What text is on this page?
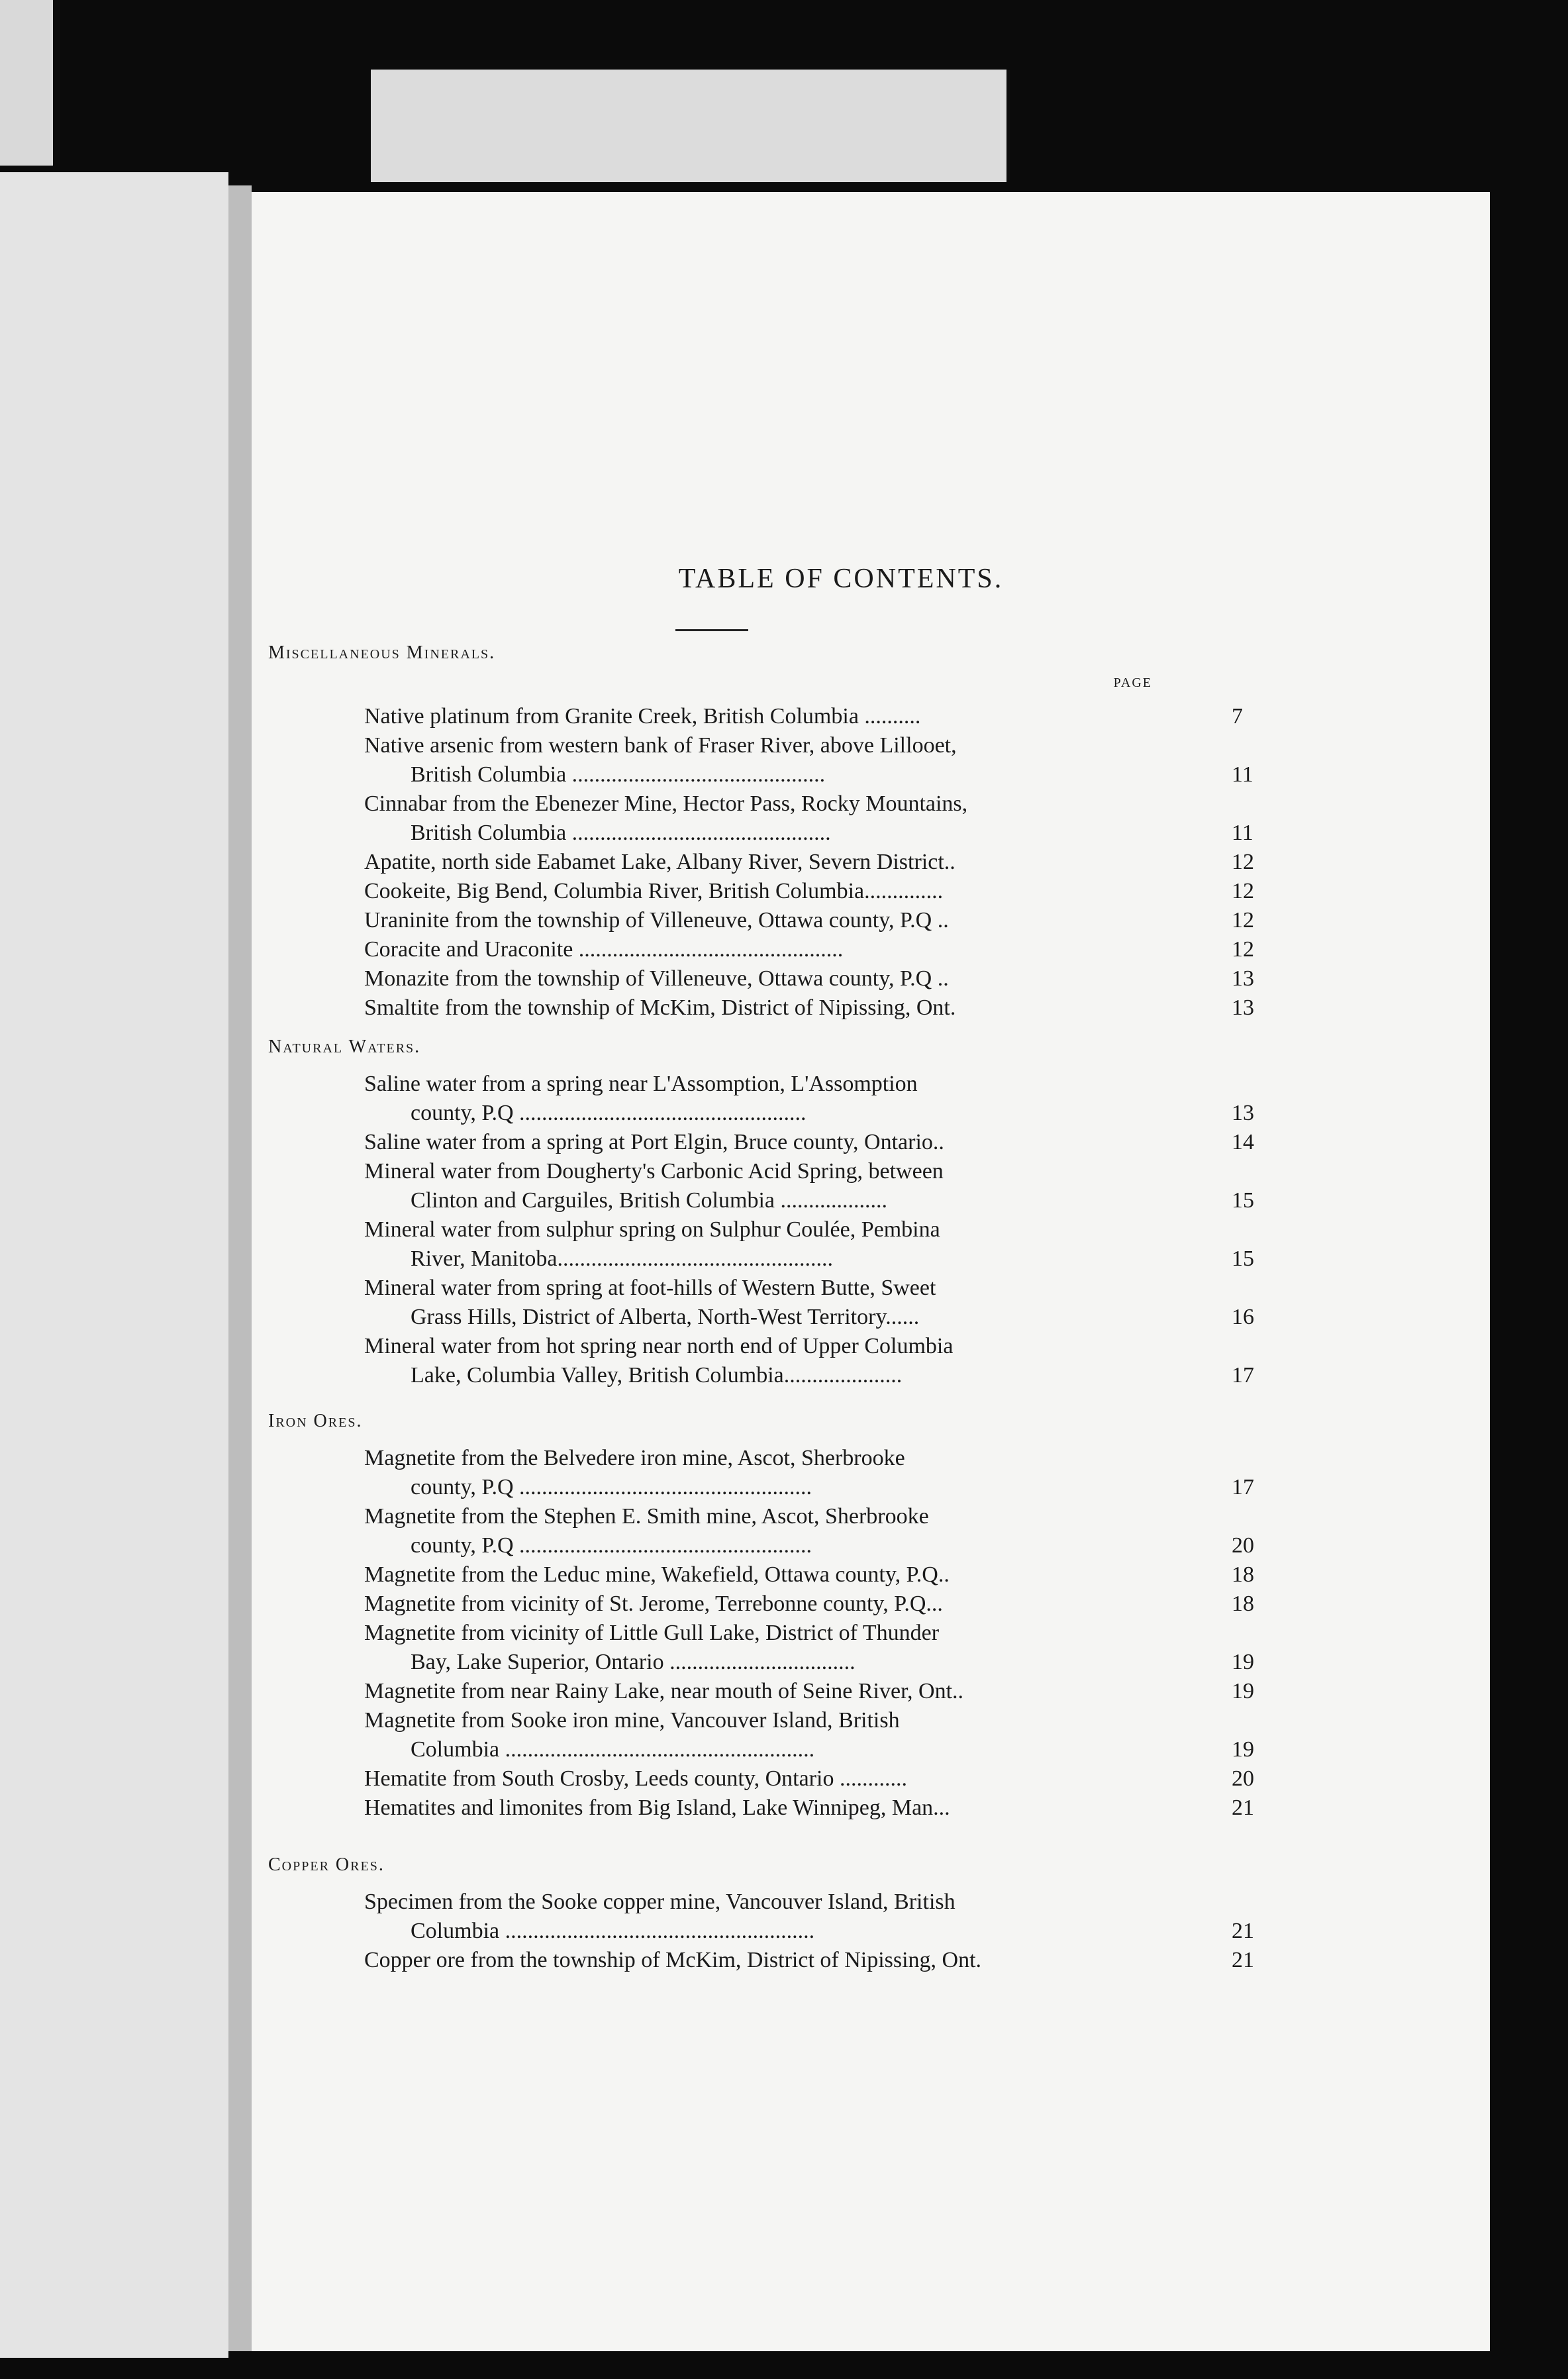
TABLE OF CONTENTS.
PAGE
Miscellaneous Minerals.
Native platinum from Granite Creek, British Columbia ..........	7
Native arsenic from western bank of Fraser River, above Lillooet,
British Columbia .............................................	11
Cinnabar from the Ebenezer Mine, Hector Pass, Rocky Mountains,
British Columbia ..............................................	11
Apatite, north side Eabamet Lake, Albany River, Severn District..	12
Cookeite, Big Bend, Columbia River, British Columbia..............	12
Uraninite from the township of Villeneuve, Ottawa county, P.Q ..	12
Coracite and Uraconite ...............................................	12
Monazite from the township of Villeneuve, Ottawa county, P.Q ..	13
Smaltite from the township of McKim, District of Nipissing, Ont.	13
Natural Waters.
Saline water from a spring near L'Assomption, L'Assomption
county, P.Q ...................................................	13
Saline water from a spring at Port Elgin, Bruce county, Ontario..	14
Mineral water from Dougherty's Carbonic Acid Spring, between
Clinton and Carguiles, British Columbia ...................	15
Mineral water from sulphur spring on Sulphur Coulée, Pembina
River, Manitoba.................................................	15
Mineral water from spring at foot-hills of Western Butte, Sweet
Grass Hills, District of Alberta, North-West Territory......	16
Mineral water from hot spring near north end of Upper Columbia
Lake, Columbia Valley, British Columbia.....................	17
Iron Ores.
Magnetite from the Belvedere iron mine, Ascot, Sherbrooke
county, P.Q ....................................................	17
Magnetite from the Stephen E. Smith mine, Ascot, Sherbrooke
county, P.Q ....................................................	20
Magnetite from the Leduc mine, Wakefield, Ottawa county, P.Q..	18
Magnetite from vicinity of St. Jerome, Terrebonne county, P.Q...	18
Magnetite from vicinity of Little Gull Lake, District of Thunder
Bay, Lake Superior, Ontario .................................	19
Magnetite from near Rainy Lake, near mouth of Seine River, Ont..	19
Magnetite from Sooke iron mine, Vancouver Island, British
Columbia .......................................................	19
Hematite from South Crosby, Leeds county, Ontario ............	20
Hematites and limonites from Big Island, Lake Winnipeg, Man...	21
Copper Ores.
Specimen from the Sooke copper mine, Vancouver Island, British
Columbia .......................................................	21
Copper ore from the township of McKim, District of Nipissing, Ont.	21
